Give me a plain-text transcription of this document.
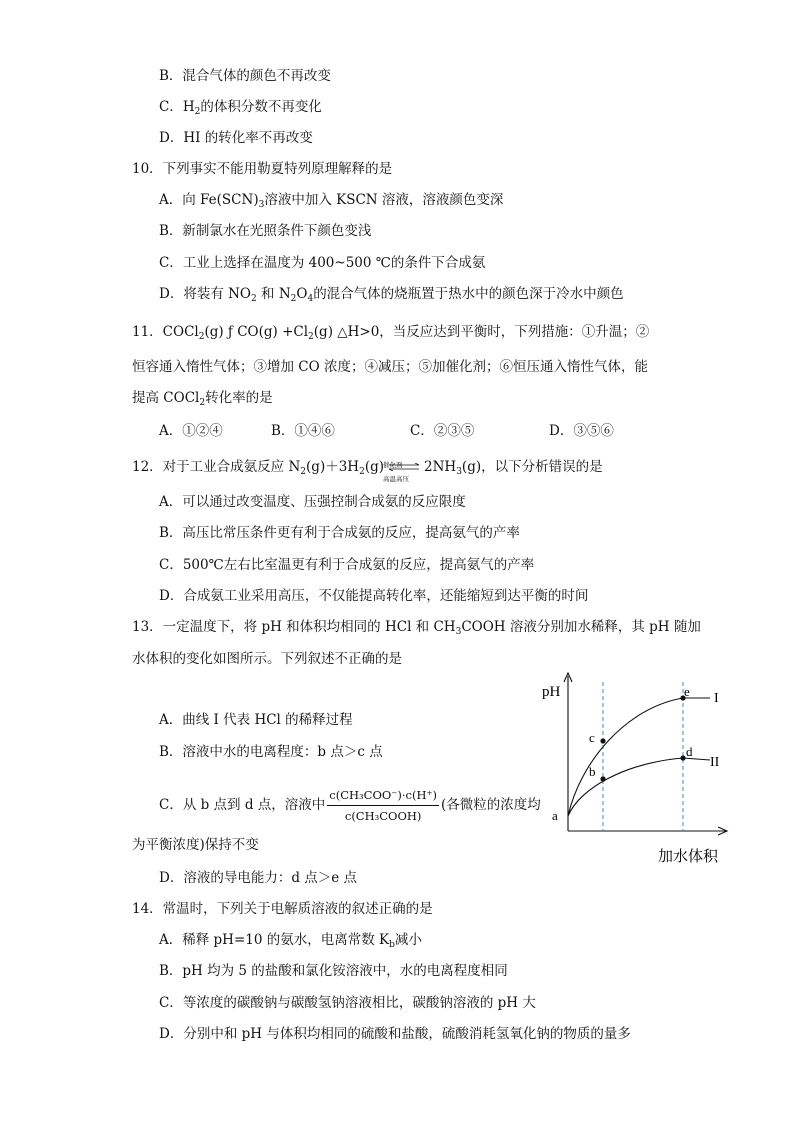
B．混合气体的颜色不再改变
C．$H_2$的体积分数不再变化
D．HI 的转化率不再改变
10．下列事实不能用勒夏特列原理解释的是
A．向 $Fe(SCN)_3$溶液中加入 KSCN 溶液，溶液颜色变深
B．新制氯水在光照条件下颜色变浅
C．工业上选择在温度为 400~500 ℃的条件下合成氨
D．将装有 $NO_2$ 和 $N_2O_4$的混合气体的烧瓶置于热水中的颜色深于冷水中颜色
11．COCl$_2$(g) ƒ $CO(g) +Cl_2(g)$ △H>0，当反应达到平衡时，下列措施：①升温；②
恒容通入惰性气体；③增加 CO 浓度；④减压；⑤加催化剂；⑥恒压通入惰性气体，能
提高 COCl$_2$转化率的是
A．①②④	B．①④⑥	C．②③⑤	D．③⑤⑥
12．对于工业合成氨反应 $N_2(g)+3H_2(g)$ 催化剂
高温高压
$2NH_3(g)$，以下分析错误的是
A．可以通过改变温度、压强控制合成氨的反应限度
B．高压比常压条件更有利于合成氨的反应，提高氨气的产率
C．500℃左右比室温更有利于合成氨的反应，提高氨气的产率
D．合成氨工业采用高压，不仅能提高转化率，还能缩短到达平衡的时间
13．一定温度下，将 pH 和体积均相同的 HCl 和 $CH_3COOH$ 溶液分别加水稀释，其 pH 随加
水体积的变化如图所示。下列叙述不正确的是
A．曲线 I 代表 HCl 的稀释过程
B．溶液中水的电离程度：b 点＞c 点
C．从 b 点到 d 点，溶液中 $\frac{\text{c(CH₃COO⁻)·c(H⁺)}}{\text{c(CH₃COOH)}}$ (各微粒的浓度均
为平衡浓度)保持不变
D．溶液的导电能力：d 点＞e 点
pH
加水体积
I
II
a
b
c
d
e
14．常温时，下列关于电解质溶液的叙述正确的是
A．稀释 pH=10 的氨水，电离常数 $K_b$减小
B．pH 均为 5 的盐酸和氯化铵溶液中，水的电离程度相同
C．等浓度的碳酸钠与碳酸氢钠溶液相比，碳酸钠溶液的 pH 大
D．分别中和 pH 与体积均相同的硫酸和盐酸，硫酸消耗氢氧化钠的物质的量多
